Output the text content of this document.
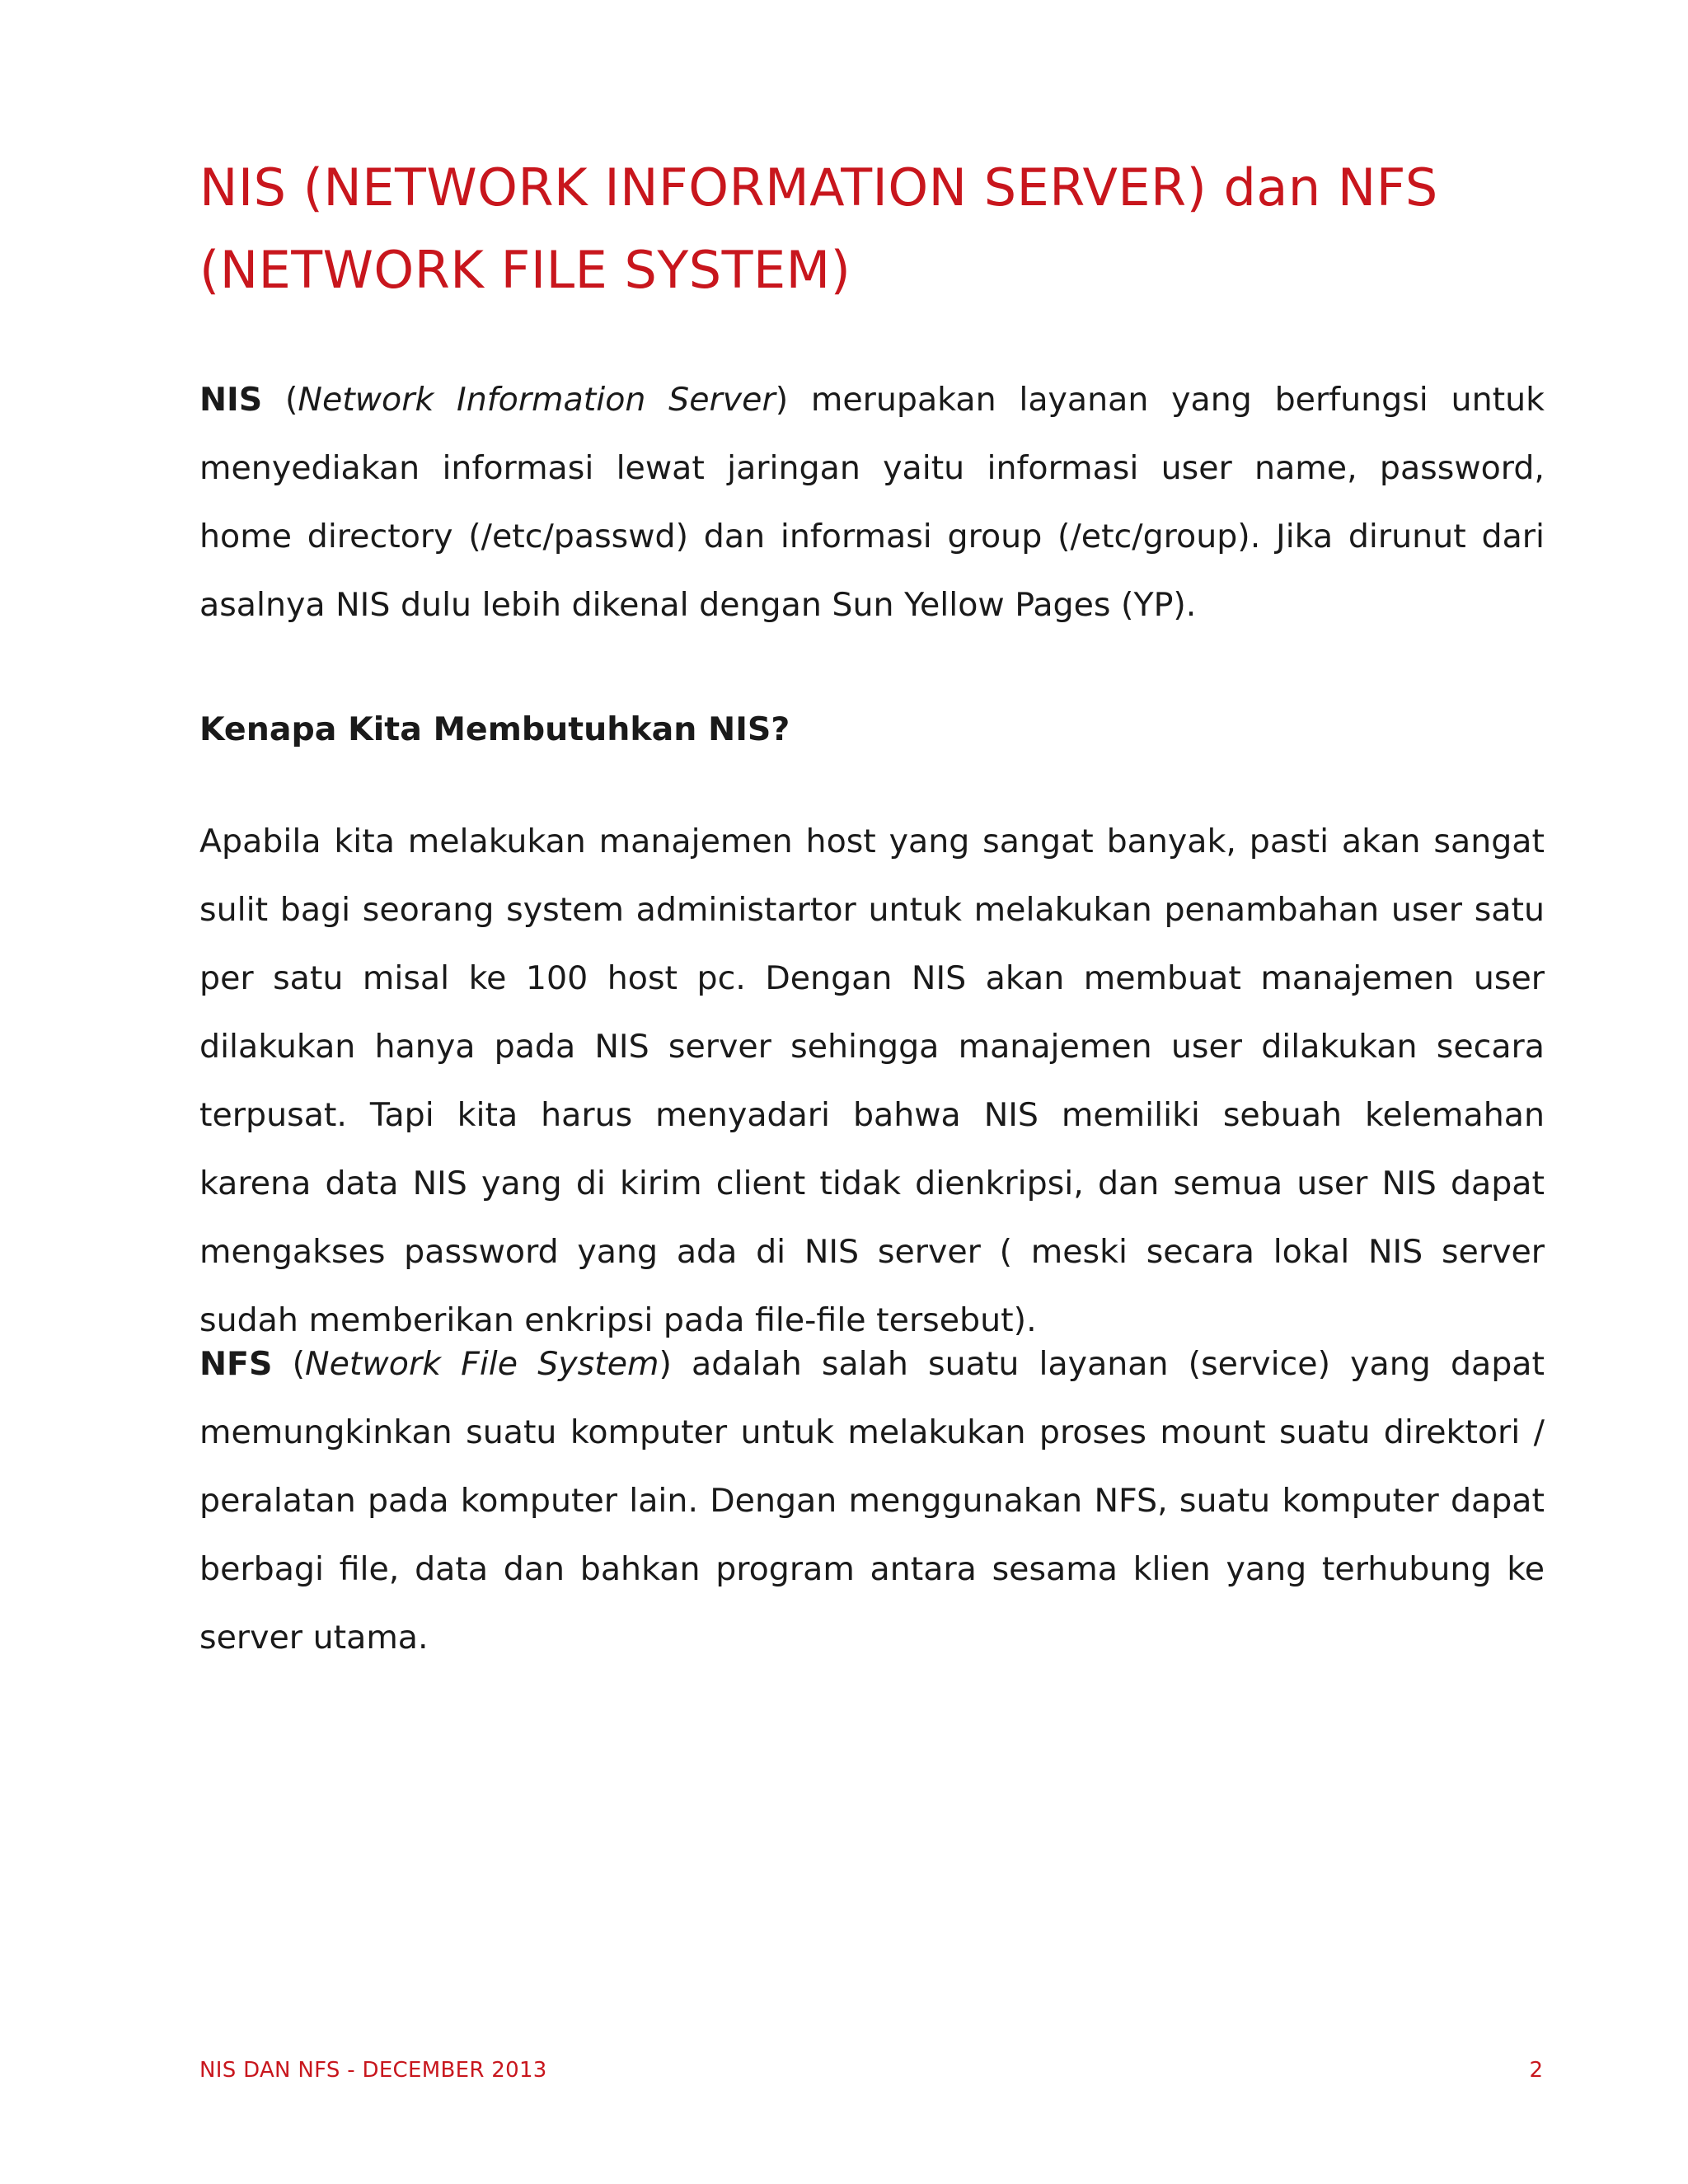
NIS (NETWORK INFORMATION SERVER) dan NFS
(NETWORK FILE SYSTEM)

NIS (Network Information Server) merupakan layanan yang berfungsi untuk menyediakan informasi lewat jaringan yaitu informasi user name, password, home directory (/etc/passwd) dan informasi group (/etc/group). Jika dirunut dari asalnya NIS dulu lebih dikenal dengan Sun Yellow Pages (YP).

Kenapa Kita Membutuhkan NIS?

Apabila kita melakukan manajemen host yang sangat banyak, pasti akan sangat sulit bagi seorang system administartor untuk melakukan penambahan user satu per satu misal ke 100 host pc. Dengan NIS akan membuat manajemen user dilakukan hanya pada NIS server sehingga manajemen user dilakukan secara terpusat. Tapi kita harus menyadari bahwa NIS memiliki sebuah kelemahan karena data NIS yang di kirim client tidak dienkripsi, dan semua user NIS dapat mengakses password yang ada di NIS server ( meski secara lokal NIS server sudah memberikan enkripsi pada file-file tersebut).

NFS (Network File System) adalah salah suatu layanan (service) yang dapat memungkinkan suatu komputer untuk melakukan proses mount suatu direktori / peralatan pada komputer lain. Dengan menggunakan NFS, suatu komputer dapat berbagi file, data dan bahkan program antara sesama klien yang terhubung ke server utama.

NIS DAN NFS - DECEMBER 2013	2
